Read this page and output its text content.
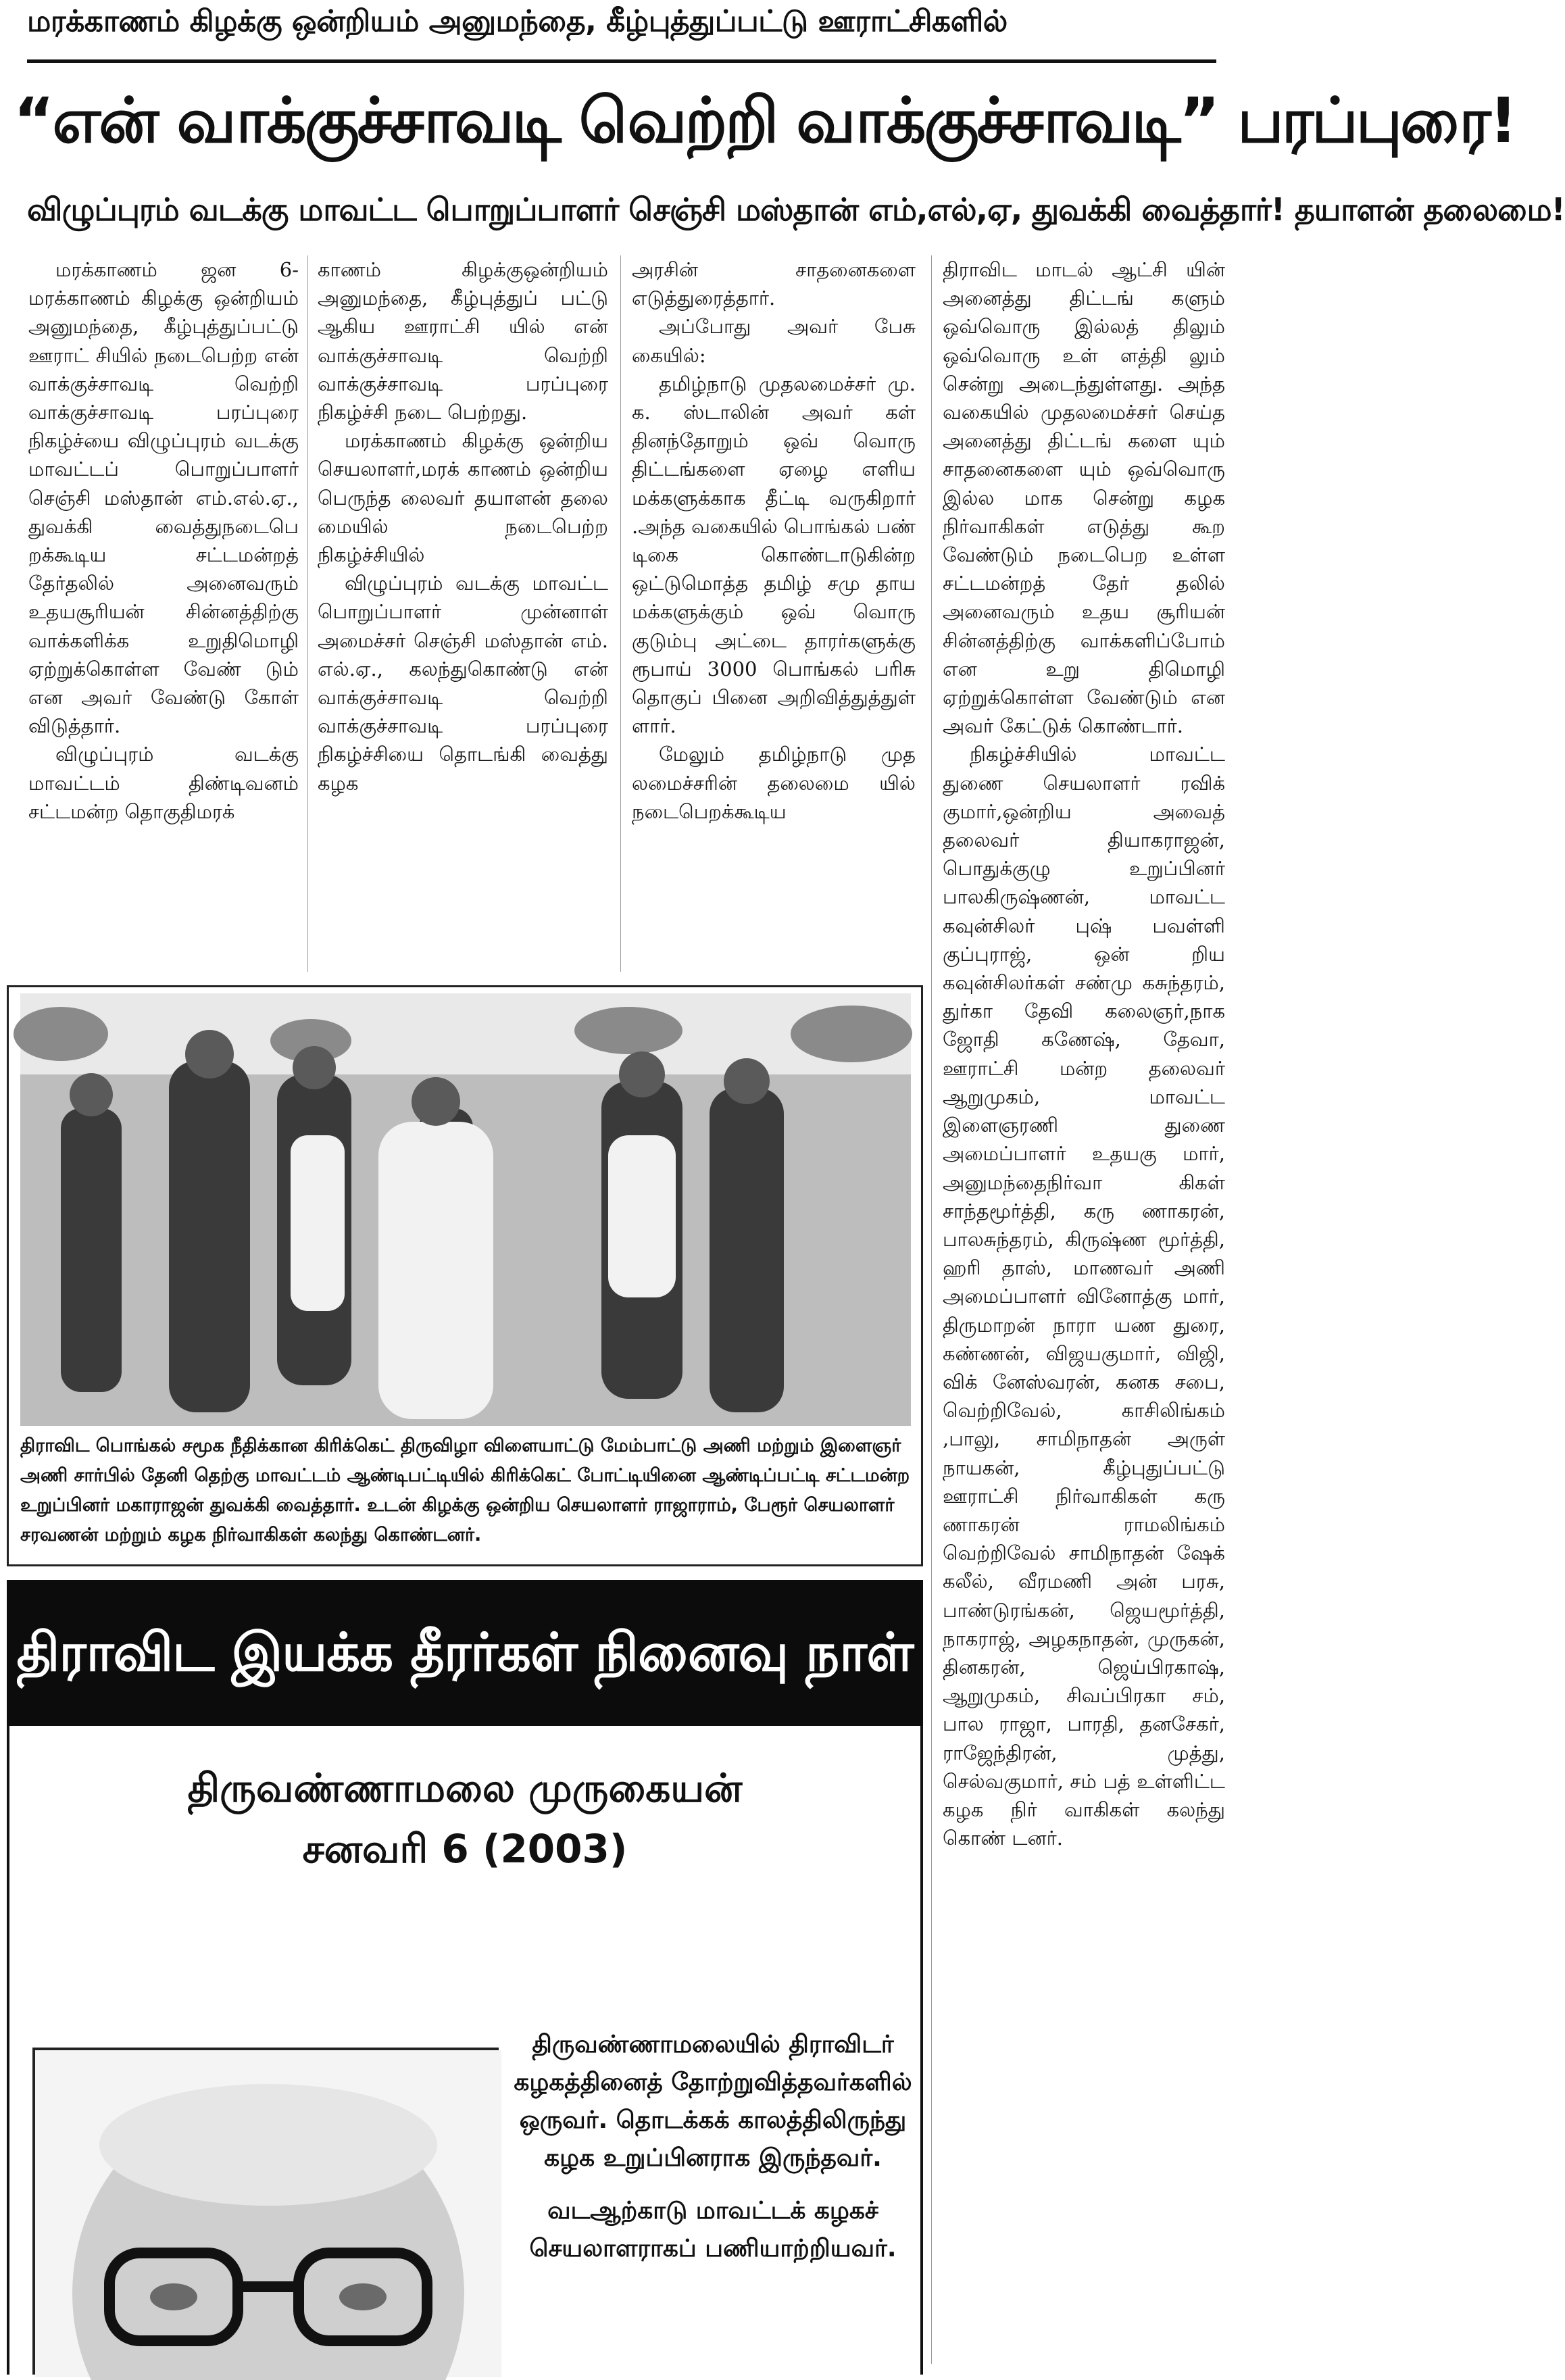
மரக்காணம் கிழக்கு ஒன்றியம் அனுமந்தை, கீழ்புத்துப்பட்டு ஊராட்சிகளில்
“என் வாக்குச்சாவடி வெற்றி வாக்குச்சாவடி” பரப்புரை!
விழுப்புரம் வடக்கு மாவட்ட பொறுப்பாளர் செஞ்சி மஸ்தான் எம்,எல்,ஏ, துவக்கி வைத்தார்! தயாளன் தலைமை!

மரக்காணம் ஜன 6- மரக்காணம் கிழக்கு ஒன்றியம் அனுமந்தை, கீழ்புத்துப்பட்டு ஊராட் சியில் நடைபெற்ற என் வாக்குச்சாவடி வெற்றி வாக்குச்சாவடி பரப்புரை நிகழ்ச்யை விழுப்புரம் வடக்கு மாவட்டப் பொறுப்பாளர் செஞ்சி மஸ்தான் எம்.எல்.ஏ., துவக்கி வைத்துநடைபெ றக்கூடிய சட்டமன்றத் தேர்தலில் அனைவரும் உதயசூரியன் சின்னத்திற்கு வாக்களிக்க உறுதிமொழி ஏற்றுக்கொள்ள வேண் டும் என அவர் வேண்டு கோள் விடுத்தார்.

விழுப்புரம் வடக்கு மாவட்டம் திண்டிவனம் சட்டமன்ற தொகுதிமரக்

காணம் கிழக்குஒன்றியம் அனுமந்தை, கீழ்புத்துப் பட்டு ஆகிய ஊராட்சி யில் என் வாக்குச்சாவடி வெற்றி வாக்குச்சாவடி பரப்புரை நிகழ்ச்சி நடை பெற்றது.

மரக்காணம் கிழக்கு ஒன்றிய செயலாளர்,மரக் காணம் ஒன்றிய பெருந்த லைவர் தயாளன் தலை மையில் நடைபெற்ற நிகழ்ச்சியில்

விழுப்புரம் வடக்கு மாவட்ட பொறுப்பாளர் முன்னாள் அமைச்சர் செஞ்சி மஸ்தான் எம். எல்.ஏ., கலந்துகொண்டு என் வாக்குச்சாவடி வெற்றி வாக்குச்சாவடி பரப்புரை நிகழ்ச்சியை தொடங்கி வைத்து கழக

அரசின் சாதனைகளை எடுத்துரைத்தார்.

அப்போது அவர் பேசு கையில்:

தமிழ்நாடு முதலமைச்சர் மு. க. ஸ்டாலின் அவர் கள் தினந்தோறும் ஒவ் வொரு திட்டங்களை ஏழை எளிய மக்களுக்காக தீட்டி வருகிறார் .அந்த வகையில் பொங்கல் பண் டிகை கொண்டாடுகின்ற ஒட்டுமொத்த தமிழ் சமு தாய மக்களுக்கும் ஒவ் வொரு குடும்பு அட்டை தாரர்களுக்கு ரூபாய் 3000 பொங்கல் பரிசு தொகுப் பினை அறிவித்துத்துள் ளார்.

மேலும் தமிழ்நாடு முத லமைச்சரின் தலைமை யில் நடைபெறக்கூடிய

திராவிட மாடல் ஆட்சி யின் அனைத்து திட்டங் களும் ஒவ்வொரு இல்லத் திலும் ஒவ்வொரு உள் ளத்தி லும் சென்று அடைந்துள்ளது. அந்த வகையில் முதலமைச்சர் செய்த அனைத்து திட்டங் களை யும் சாதனைகளை யும் ஒவ்வொரு இல்ல மாக சென்று கழக நிர்வாகிகள் எடுத்து கூற வேண்டும் நடைபெற உள்ள சட்டமன்றத் தேர் தலில் அனைவரும் உதய சூரியன் சின்னத்திற்கு வாக்களிப்போம் என உறு திமொழி ஏற்றுக்கொள்ள வேண்டும் என அவர் கேட்டுக் கொண்டார்.

நிகழ்ச்சியில் மாவட்ட துணை செயலாளர் ரவிக் குமார்,ஒன்றிய அவைத் தலைவர் தியாகராஜன், பொதுக்குழு உறுப்பினர் பாலகிருஷ்ணன், மாவட்ட கவுன்சிலர் புஷ் பவள்ளி குப்புராஜ், ஒன் றிய கவுன்சிலர்கள் சண்மு கசுந்தரம், துர்கா தேவி கலைஞர்,நாக ஜோதி கணேஷ், தேவா, ஊராட்சி மன்ற தலைவர் ஆறுமுகம், மாவட்ட இளைஞரணி துணை அமைப்பாளர் உதயகு மார், அனுமந்தைநிர்வா கிகள் சாந்தமூர்த்தி, கரு ணாகரன், பாலசுந்தரம், கிருஷ்ண மூர்த்தி, ஹரி தாஸ், மாணவர் அணி அமைப்பாளர் வினோத்கு மார், திருமாறன் நாரா யண துரை, கண்ணன், விஜயகுமார், விஜி, விக் னேஸ்வரன், கனக சபை, வெற்றிவேல், காசிலிங்கம் ,பாலு, சாமிநாதன் அருள் நாயகன், கீழ்புதுப்பட்டு ஊராட்சி நிர்வாகிகள் கரு ணாகரன் ராமலிங்கம் வெற்றிவேல் சாமிநாதன் ஷேக் கலீல், வீரமணி அன் பரசு, பாண்டுரங்கன், ஜெயமூர்த்தி, நாகராஜ், அழகநாதன், முருகன், தினகரன், ஜெய்பிரகாஷ், ஆறுமுகம், சிவப்பிரகா சம், பால ராஜா, பாரதி, தனசேகர், ராஜேந்திரன், முத்து, செல்வகுமார், சம் பத் உள்ளிட்ட கழக நிர் வாகிகள் கலந்து கொண் டனர்.

திராவிட பொங்கல் சமூக நீதிக்கான கிரிக்கெட் திருவிழா விளையாட்டு மேம்பாட்டு அணி மற்றும் இளைஞர் அணி சார்பில் தேனி தெற்கு மாவட்டம் ஆண்டிபட்டியில் கிரிக்கெட் போட்டியினை ஆண்டிப்பட்டி சட்டமன்ற உறுப்பினர் மகாராஜன் துவக்கி வைத்தார். உடன் கிழக்கு ஒன்றிய செயலாளர் ராஜாராம், பேரூர் செயலாளர் சரவணன் மற்றும் கழக நிர்வாகிகள் கலந்து கொண்டனர்.
திராவிட இயக்க தீரர்கள் நினைவு நாள்
திருவண்ணாமலை முருகையன்
சனவரி 6 (2003)

திருவண்ணாமலையில் திராவிடர் கழகத்தினைத் தோற்றுவித்தவர்களில் ஒருவர். தொடக்கக் காலத்திலிருந்து கழக உறுப்பினராக இருந்தவர்.

வடஆற்காடு மாவட்டக் கழகச் செயலாளராகப் பணியாற்றியவர்.
